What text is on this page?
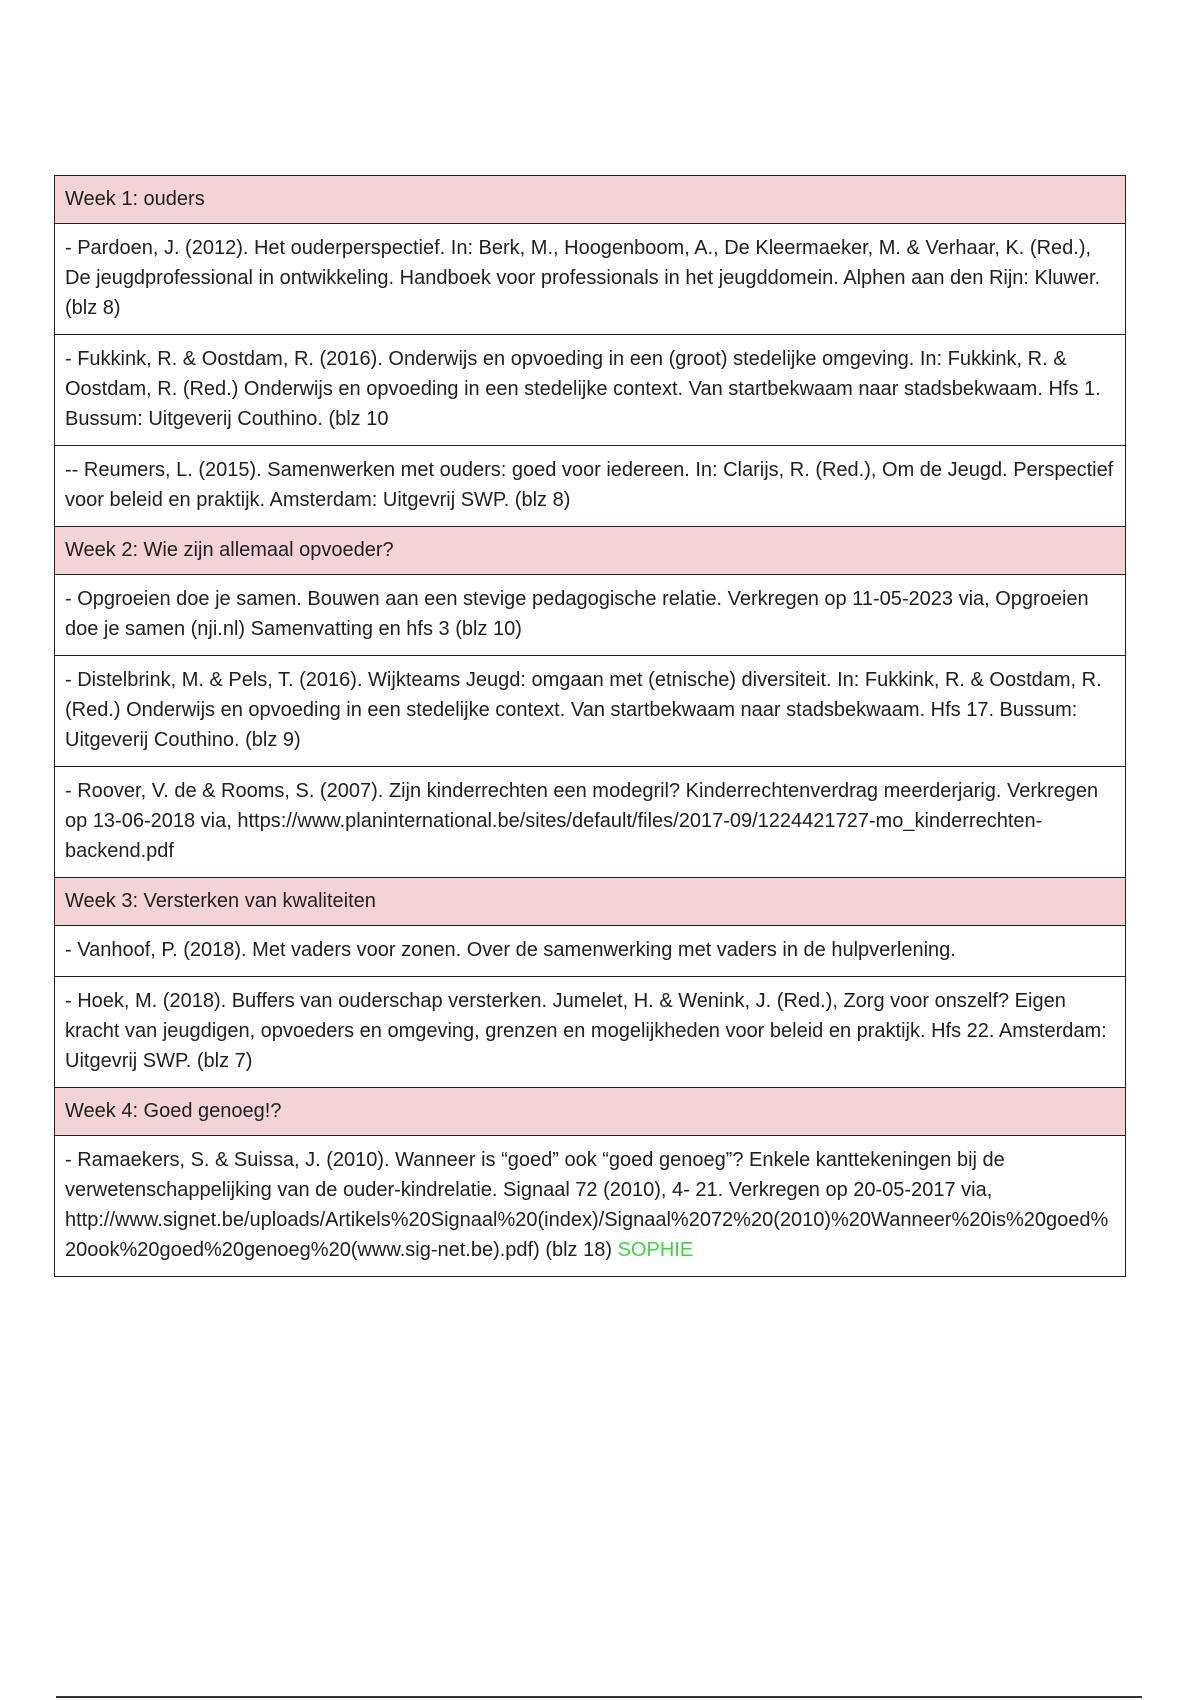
Week 1: ouders
- Pardoen, J. (2012). Het ouderperspectief. In: Berk, M., Hoogenboom, A., De Kleermaeker, M. & Verhaar, K. (Red.), De jeugdprofessional in ontwikkeling. Handboek voor professionals in het jeugddomein. Alphen aan den Rijn: Kluwer. (blz 8)
- Fukkink, R. & Oostdam, R. (2016). Onderwijs en opvoeding in een (groot) stedelijke omgeving. In: Fukkink, R. & Oostdam, R. (Red.) Onderwijs en opvoeding in een stedelijke context. Van startbekwaam naar stadsbekwaam. Hfs 1. Bussum: Uitgeverij Couthino. (blz 10
-- Reumers, L. (2015). Samenwerken met ouders: goed voor iedereen. In: Clarijs, R. (Red.), Om de Jeugd. Perspectief voor beleid en praktijk. Amsterdam: Uitgevrij SWP. (blz 8)
Week 2: Wie zijn allemaal opvoeder?
- Opgroeien doe je samen. Bouwen aan een stevige pedagogische relatie. Verkregen op 11-05-2023 via, Opgroeien doe je samen (nji.nl) Samenvatting en hfs 3 (blz 10)
- Distelbrink, M. & Pels, T. (2016). Wijkteams Jeugd: omgaan met (etnische) diversiteit. In: Fukkink, R. & Oostdam, R. (Red.) Onderwijs en opvoeding in een stedelijke context. Van startbekwaam naar stadsbekwaam. Hfs 17. Bussum: Uitgeverij Couthino. (blz 9)
- Roover, V. de & Rooms, S. (2007). Zijn kinderrechten een modegril? Kinderrechtenverdrag meerderjarig. Verkregen op 13-06-2018 via, https://www.planinternational.be/sites/default/files/2017-09/1224421727-mo_kinderrechten-backend.pdf
Week 3: Versterken van kwaliteiten
- Vanhoof, P. (2018). Met vaders voor zonen. Over de samenwerking met vaders in de hulpverlening.
- Hoek, M. (2018). Buffers van ouderschap versterken. Jumelet, H. & Wenink, J. (Red.), Zorg voor onszelf? Eigen kracht van jeugdigen, opvoeders en omgeving, grenzen en mogelijkheden voor beleid en praktijk. Hfs 22. Amsterdam: Uitgevrij SWP. (blz 7)
Week 4: Goed genoeg!?
- Ramaekers, S. & Suissa, J. (2010). Wanneer is “goed” ook “goed genoeg”? Enkele kanttekeningen bij de verwetenschappelijking van de ouder-kindrelatie. Signaal 72 (2010), 4- 21. Verkregen op 20-05-2017 via, http://www.signet.be/uploads/Artikels%20Signaal%20(index)/Signaal%2072%20(2010)%20Wanneer%20is%20goed%20ook%20goed%20genoeg%20(www.sig-net.be).pdf) (blz 18) SOPHIE
